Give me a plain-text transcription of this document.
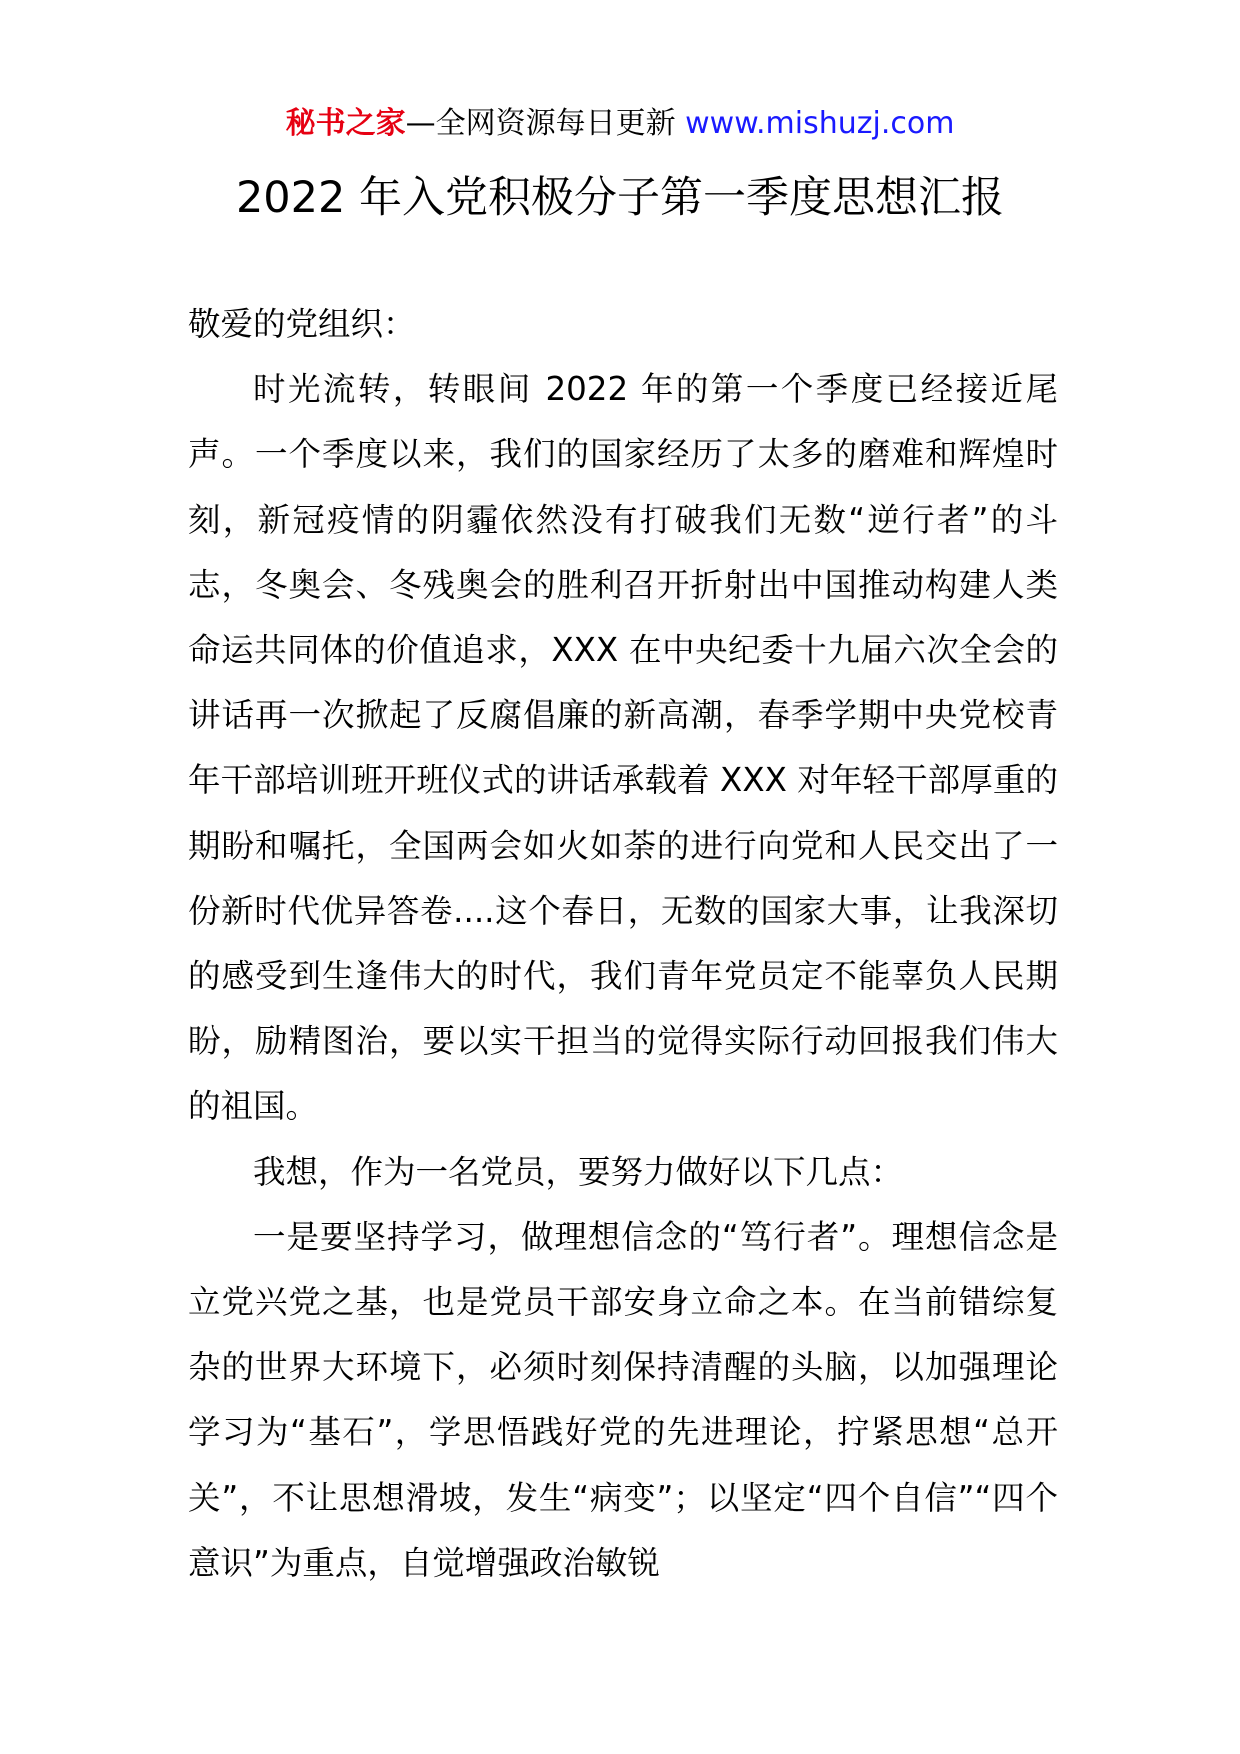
秘书之家—全网资源每日更新 www.mishuzj.com
2022 年入党积极分子第一季度思想汇报

敬爱的党组织：

时光流转，转眼间 2022 年的第一个季度已经接近尾声。一个季度以来，我们的国家经历了太多的磨难和辉煌时刻，新冠疫情的阴霾依然没有打破我们无数“逆行者”的斗志，冬奥会、冬残奥会的胜利召开折射出中国推动构建人类命运共同体的价值追求，XXX 在中央纪委十九届六次全会的讲话再一次掀起了反腐倡廉的新高潮，春季学期中央党校青年干部培训班开班仪式的讲话承载着 XXX 对年轻干部厚重的期盼和嘱托，全国两会如火如荼的进行向党和人民交出了一份新时代优异答卷....这个春日，无数的国家大事，让我深切的感受到生逢伟大的时代，我们青年党员定不能辜负人民期盼，励精图治，要以实干担当的觉得实际行动回报我们伟大的祖国。

我想，作为一名党员，要努力做好以下几点：

一是要坚持学习，做理想信念的“笃行者”。理想信念是立党兴党之基，也是党员干部安身立命之本。在当前错综复杂的世界大环境下，必须时刻保持清醒的头脑，以加强理论学习为“基石”，学思悟践好党的先进理论，拧紧思想“总开关”，不让思想滑坡，发生“病变”；以坚定“四个自信”“四个意识”为重点，自觉增强政治敏锐
